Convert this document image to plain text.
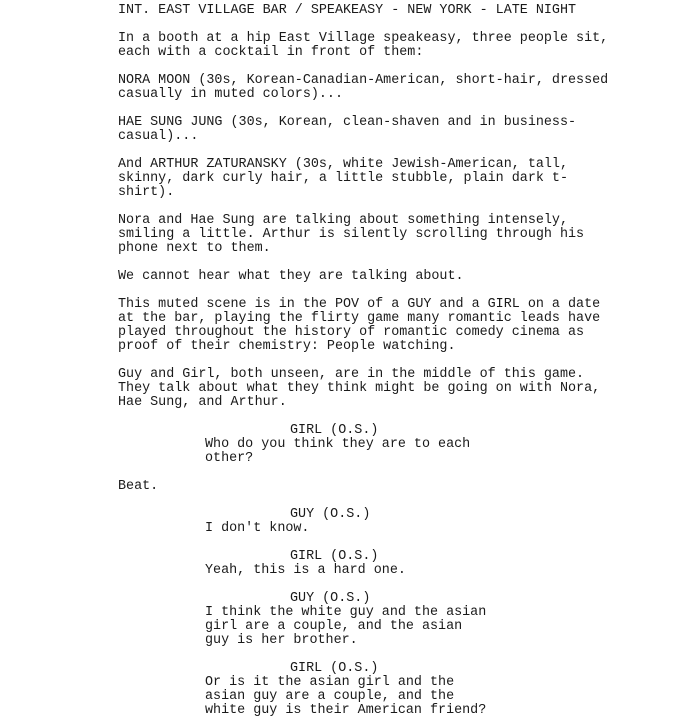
INT. EAST VILLAGE BAR / SPEAKEASY - NEW YORK - LATE NIGHT
In a booth at a hip East Village speakeasy, three people sit,
each with a cocktail in front of them:
NORA MOON (30s, Korean-Canadian-American, short-hair, dressed
casually in muted colors)...
HAE SUNG JUNG (30s, Korean, clean-shaven and in business-
casual)...
And ARTHUR ZATURANSKY (30s, white Jewish-American, tall,
skinny, dark curly hair, a little stubble, plain dark t-
shirt).
Nora and Hae Sung are talking about something intensely,
smiling a little. Arthur is silently scrolling through his
phone next to them.
We cannot hear what they are talking about.
This muted scene is in the POV of a GUY and a GIRL on a date
at the bar, playing the flirty game many romantic leads have
played throughout the history of romantic comedy cinema as
proof of their chemistry: People watching.
Guy and Girl, both unseen, are in the middle of this game.
They talk about what they think might be going on with Nora,
Hae Sung, and Arthur.
GIRL (O.S.)
Who do you think they are to each
other?
Beat.
GUY (O.S.)
I don't know.
GIRL (O.S.)
Yeah, this is a hard one.
GUY (O.S.)
I think the white guy and the asian
girl are a couple, and the asian
guy is her brother.
GIRL (O.S.)
Or is it the asian girl and the
asian guy are a couple, and the
white guy is their American friend?
